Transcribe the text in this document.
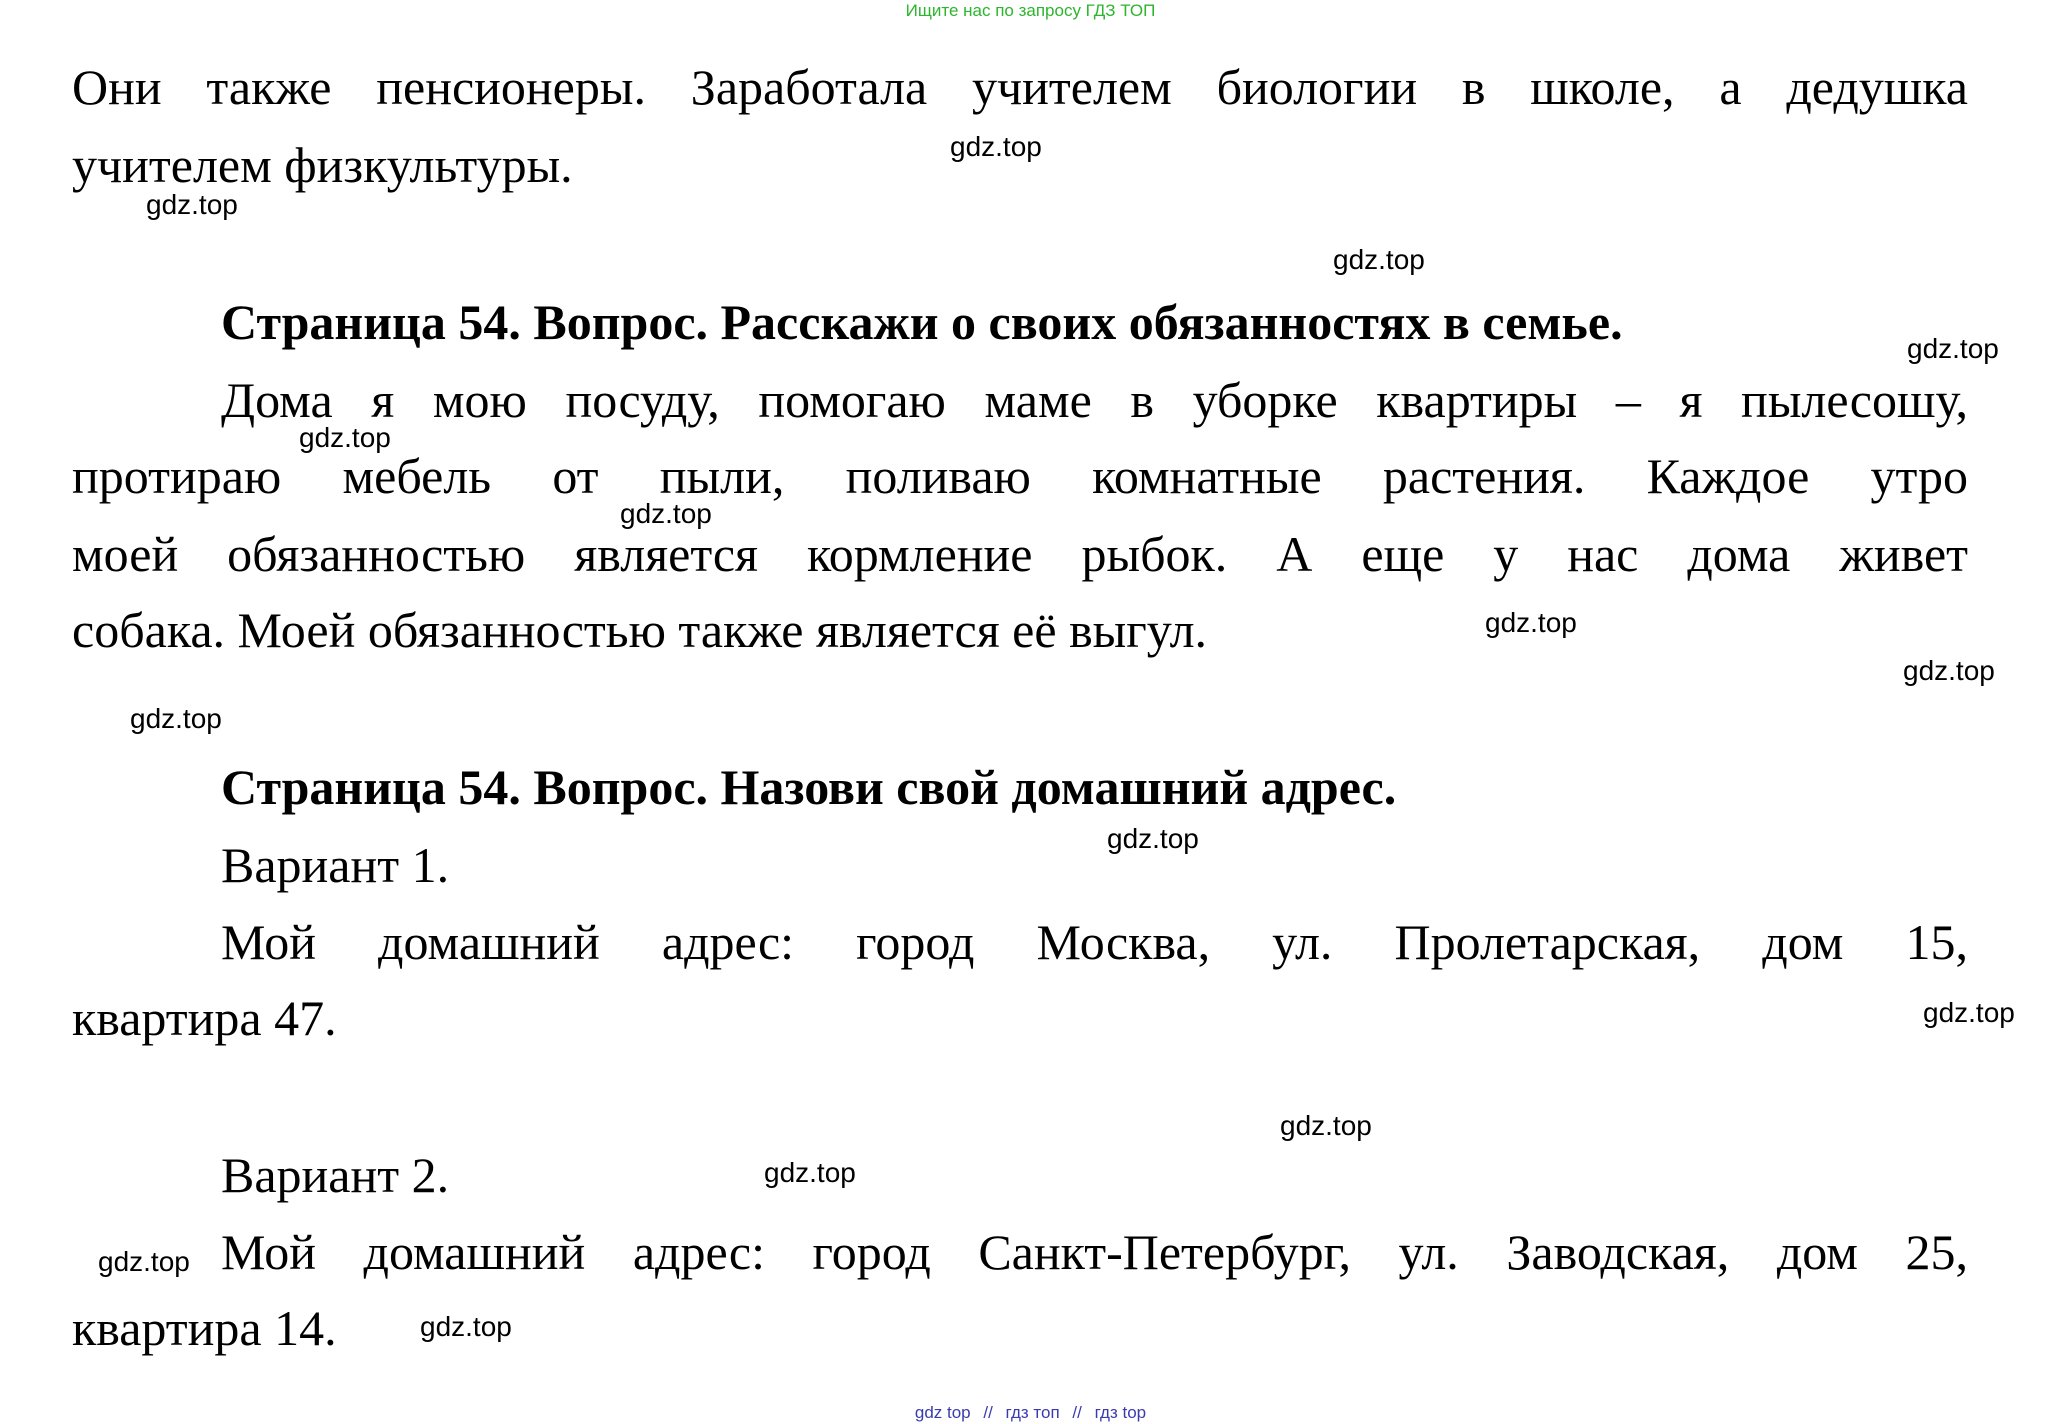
Ищите нас по запросу ГДЗ ТОП
Они также пенсионеры. Заработала учителем биологии в школе, а дедушка
учителем физкультуры.
Страница 54. Вопрос. Расскажи о своих обязанностях в семье.
Дома я мою посуду, помогаю маме в уборке квартиры – я пылесошу,
протираю мебель от пыли, поливаю комнатные растения. Каждое утро
моей обязанностью является кормление рыбок. А еще у нас дома живет
собака. Моей обязанностью также является её выгул.
Страница 54. Вопрос. Назови свой домашний адрес.
Вариант 1.
Мой домашний адрес: город Москва, ул. Пролетарская, дом 15,
квартира 47.
Вариант 2.
Мой домашний адрес: город Санкт-Петербург, ул. Заводская, дом 25,
квартира 14.
gdz.top
gdz.top
gdz.top
gdz.top
gdz.top
gdz.top
gdz.top
gdz.top
gdz.top
gdz.top
gdz.top
gdz.top
gdz.top
gdz.top
gdz.top
gdz top // гдз топ // гдз top
